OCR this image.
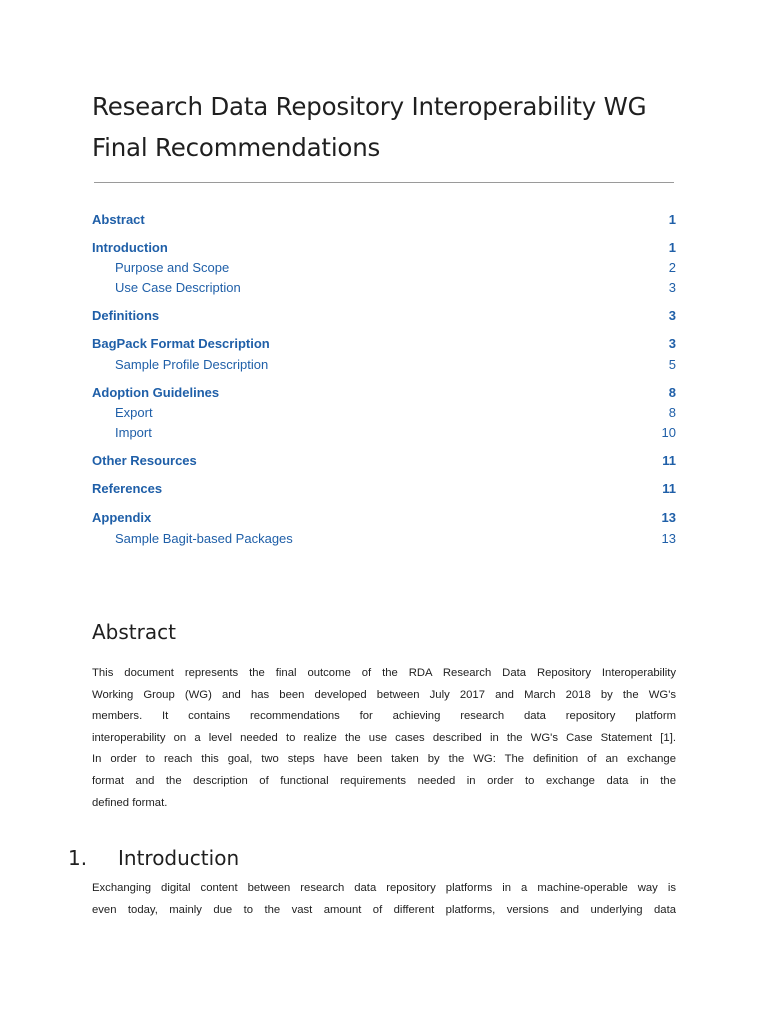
Research Data Repository Interoperability WG
Final Recommendations
Abstract	1
Introduction	1
Purpose and Scope	2
Use Case Description	3
Definitions	3
BagPack Format Description	3
Sample Profile Description	5
Adoption Guidelines	8
Export	8
Import	10
Other Resources	11
References	11
Appendix	13
Sample Bagit-based Packages	13
Abstract
This document represents the final outcome of the RDA Research Data Repository Interoperability
Working Group (WG) and has been developed between July 2017 and March 2018 by the WG's
members. It contains recommendations for achieving research data repository platform
interoperability on a level needed to realize the use cases described in the WG's Case Statement [1].
In order to reach this goal, two steps have been taken by the WG: The definition of an exchange
format and the description of functional requirements needed in order to exchange data in the
defined format.
1. Introduction
Exchanging digital content between research data repository platforms in a machine-operable way is
even today, mainly due to the vast amount of different platforms, versions and underlying data
